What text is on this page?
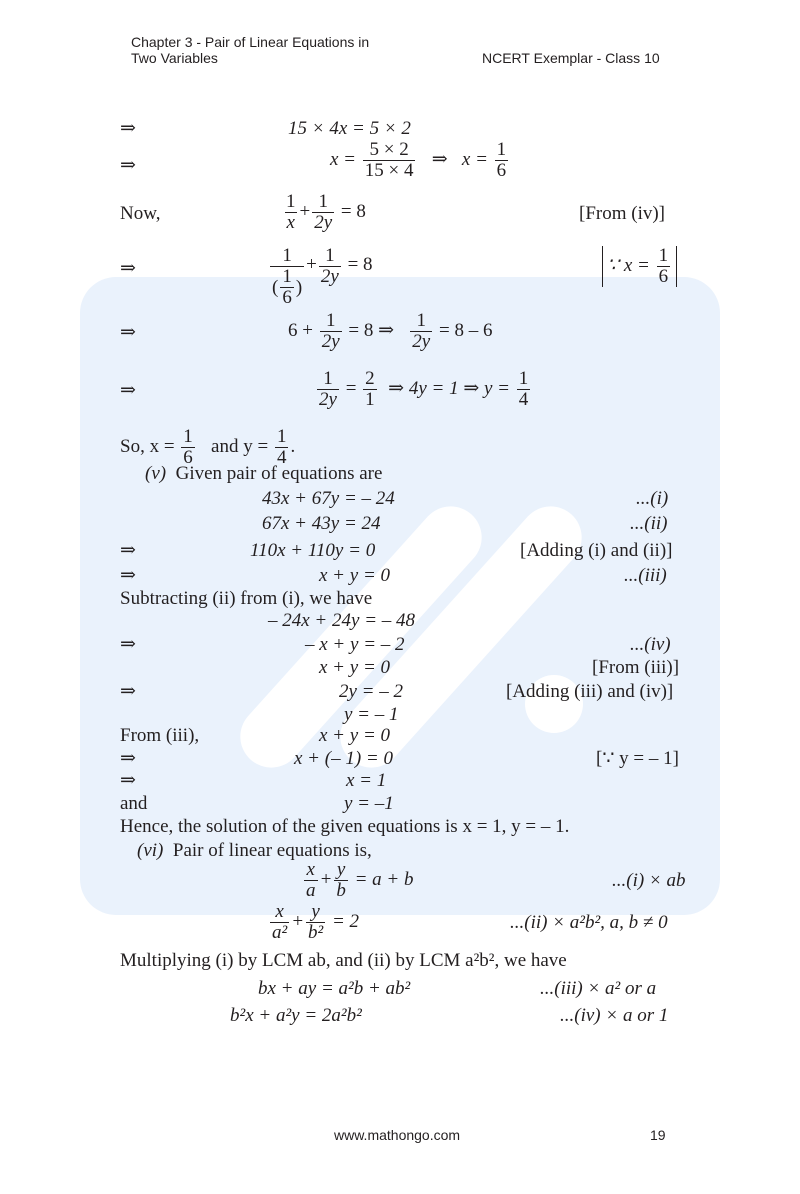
Chapter 3 - Pair of Linear Equations in
Two Variables	NCERT Exemplar - Class 10
⇒	15 × 4x = 5 × 2
⇒	$x = \frac{5 \times 2}{15 \times 4}$ ⇒ $x = \frac{1}{6}$
Now,	$\frac{1}{x} + \frac{1}{2y} = 8$	[From (iv)]
⇒	$\frac{1}{( \frac{1}{6} )} + \frac{1}{2y} = 8$	∵ $x = \frac{1}{6}$
⇒	$6 + \frac{1}{2y} = 8$ ⇒ $\frac{1}{2y} = 8 - 6$
⇒	$\frac{1}{2y} = \frac{2}{1}$ ⇒ 4y = 1 ⇒ $y = \frac{1}{4}$
So, $x = \frac{1}{6}$ and $y = \frac{1}{4}$ .
(v) Given pair of equations are
43x + 67y = – 24	...(i)
67x + 43y = 24	...(ii)
⇒	110x + 110y = 0	[Adding (i) and (ii)]
⇒	x + y = 0	...(iii)
Subtracting (ii) from (i), we have
– 24x + 24y = – 48
⇒	– x + y = – 2	...(iv)
x + y = 0	[From (iii)]
⇒	2y = – 2	[Adding (iii) and (iv)]
y = – 1
From (iii),	x + y = 0
⇒	x + (– 1) = 0	[∵ y = – 1]
⇒	x = 1
and	y = –1
Hence, the solution of the given equations is x = 1, y = – 1.
(vi) Pair of linear equations is,
$\frac{x}{a} + \frac{y}{b} = a + b$	...(i) × ab
$\frac{x}{\text{a²}} + \frac{y}{\text{b²}} = 2$	...(ii) × a²b², a, b ≠ 0
Multiplying (i) by LCM ab, and (ii) by LCM a²b², we have
bx + ay = a²b + ab²	...(iii) × a² or a
b²x + a²y = 2a²b²	...(iv) × a or 1
www.mathongo.com	19
